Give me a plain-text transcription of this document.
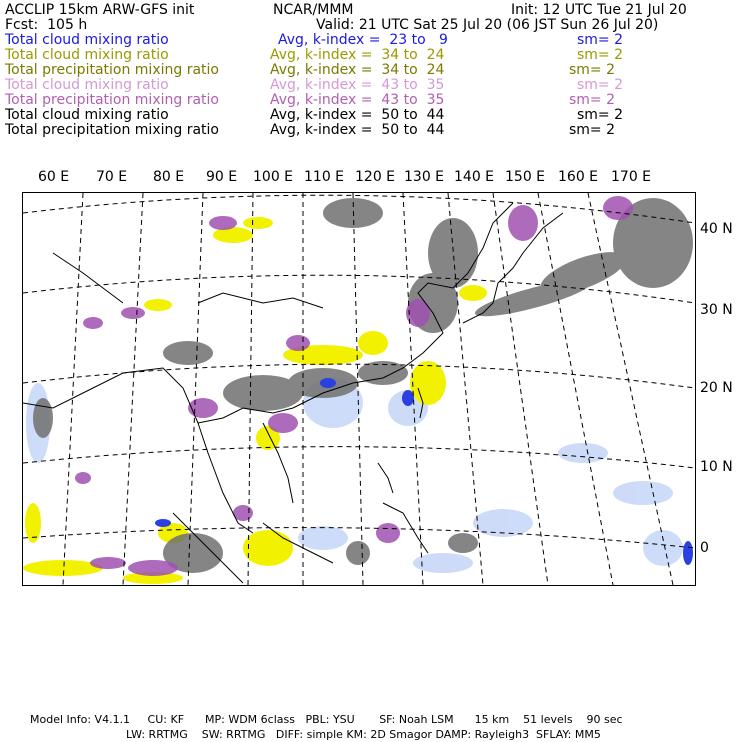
ACCLIP 15km ARW-GFS init	NCAR/MMM	Init: 12 UTC Tue 21 Jul 20
Fcst:  105 h	Valid: 21 UTC Sat 25 Jul 20 (06 JST Sun 26 Jul 20)
Total cloud mixing ratio	Avg, k-index =  23 to   9	sm= 2
Total cloud mixing ratio	Avg, k-index =  34 to  24	sm= 2
Total precipitation mixing ratio	Avg, k-index =  34 to  24	sm= 2
Total cloud mixing ratio	Avg, k-index =  43 to  35	sm= 2
Total precipitation mixing ratio	Avg, k-index =  43 to  35	sm= 2
Total cloud mixing ratio	Avg, k-index =  50 to  44	sm= 2
Total precipitation mixing ratio	Avg, k-index =  50 to  44	sm= 2
60 E 70 E 80 E 90 E 100 E 110 E 120 E 130 E 140 E 150 E 160 E 170 E
40 N
30 N
20 N
10 N
0
Model Info: V4.1.1     CU: KF      MP: WDM 6class   PBL: YSU       SF: Noah LSM      15 km    51 levels    90 sec
LW: RRTMG    SW: RRTMG   DIFF: simple KM: 2D Smagor DAMP: Rayleigh3  SFLAY: MM5
